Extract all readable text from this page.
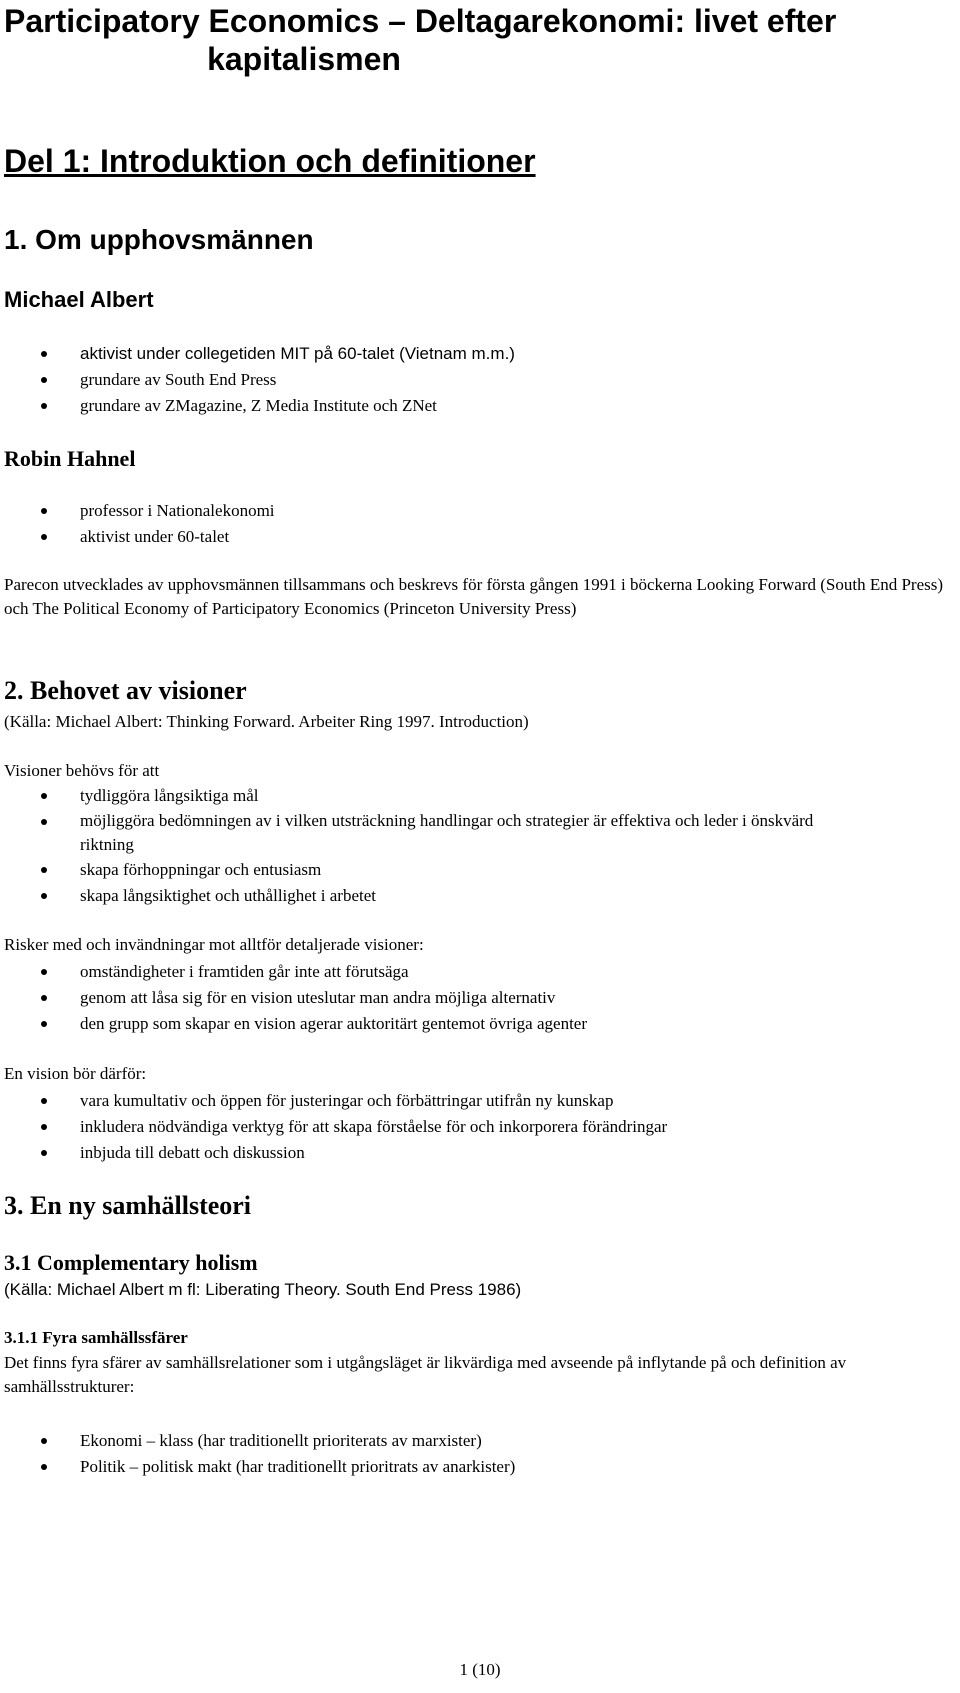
Participatory Economics – Deltagarekonomi: livet efter
kapitalismen
Del 1: Introduktion och definitioner
1. Om upphovsmännen
Michael Albert
aktivist under collegetiden MIT på 60-talet (Vietnam m.m.)
grundare av South End Press
grundare av ZMagazine, Z Media Institute och ZNet
Robin Hahnel
professor i Nationalekonomi
aktivist under 60-talet

Parecon utvecklades av upphovsmännen tillsammans och beskrevs för första gången 1991 i böckerna Looking Forward (South End Press) och The Political Economy of Participatory Economics (Princeton University Press)

2. Behovet av visioner

(Källa: Michael Albert: Thinking Forward. Arbeiter Ring 1997. Introduction)

Visioner behövs för att

tydliggöra långsiktiga mål
möjliggöra bedömningen av i vilken utsträckning handlingar och strategier är effektiva och leder i önskvärd riktning
skapa förhoppningar och entusiasm
skapa långsiktighet och uthållighet i arbetet

Risker med och invändningar mot alltför detaljerade visioner:

omständigheter i framtiden går inte att förutsäga
genom att låsa sig för en vision uteslutar man andra möjliga alternativ
den grupp som skapar en vision agerar auktoritärt gentemot övriga agenter

En vision bör därför:

vara kumultativ och öppen för justeringar och förbättringar utifrån ny kunskap
inkludera nödvändiga verktyg för att skapa förståelse för och inkorporera förändringar
inbjuda till debatt och diskussion
3. En ny samhällsteori
3.1 Complementary holism

(Källa: Michael Albert m fl: Liberating Theory. South End Press 1986)

3.1.1 Fyra samhällssfärer

Det finns fyra sfärer av samhällsrelationer som i utgångsläget är likvärdiga med avseende på inflytande på och definition av samhällsstrukturer:

Ekonomi – klass (har traditionellt prioriterats av marxister)
Politik – politisk makt (har traditionellt prioritrats av anarkister)
1 (10)
